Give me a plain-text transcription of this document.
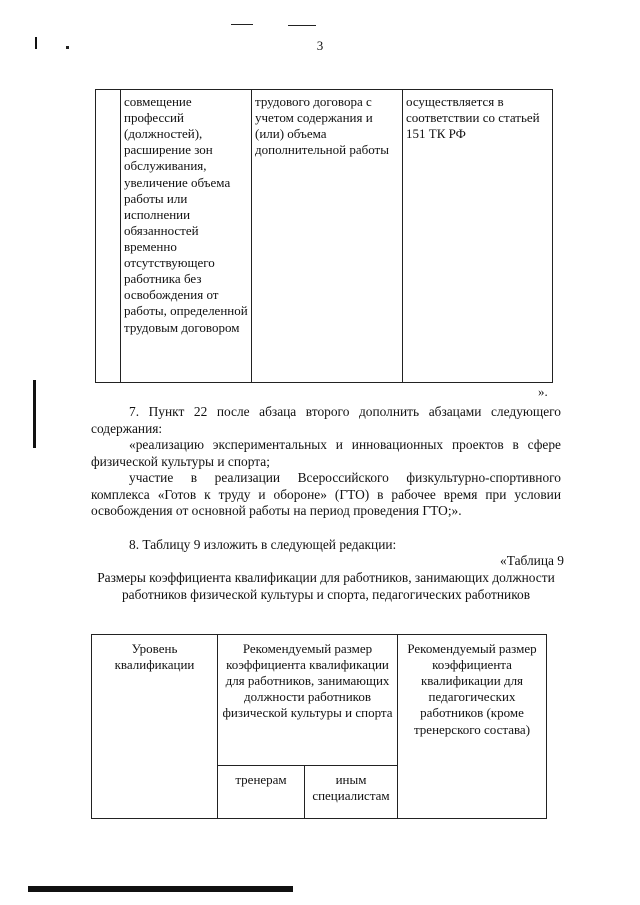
3
	совмещение профессий (должностей), расширение зон обслуживания, увеличение объема работы или исполнении обязанностей временно отсутствующего работника без освобождения от работы, определенной трудовым договором	трудового договора с учетом содержания и (или) объема дополнительной работы	осуществляется в соответствии со статьей 151 ТК РФ
».

7. Пункт 22 после абзаца второго дополнить абзацами следующего содержания:

«реализацию экспериментальных и инновационных проектов в сфере физической культуры и спорта;

участие в реализации Всероссийского физкультурно-спортивного комплекса «Готов к труду и обороне» (ГТО) в рабочее время при условии освобождения от основной работы на период проведения ГТО;».

8. Таблицу 9 изложить в следующей редакции:

«Таблица 9
Размеры коэффициента квалификации для работников, занимающих должности работников физической культуры и спорта, педагогических работников
Уровень квалификации	Рекомендуемый размер коэффициента квалификации для работников, занимающих должности работников физической культуры и спорта		Рекомендуемый размер коэффициента квалификации для педагогических работников (кроме тренерского состава)
	тренерам	иным специалистам	
